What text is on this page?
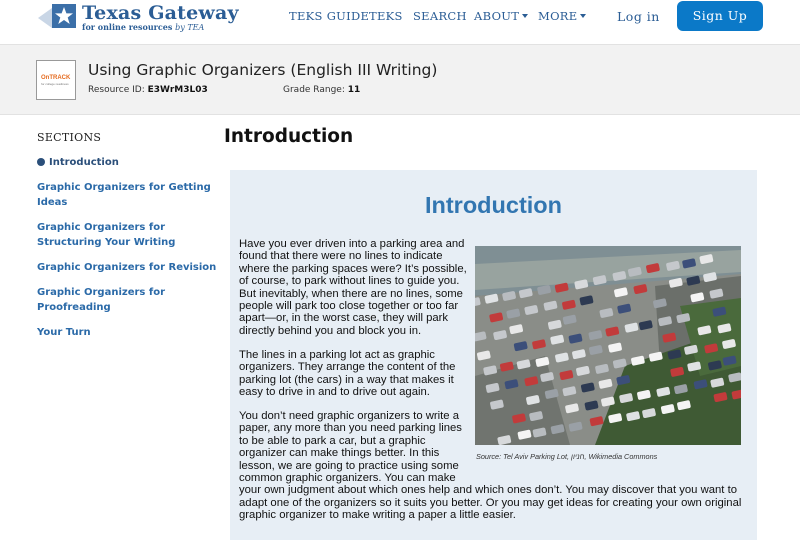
Texas Gateway
for online resources by TEA
TEKS GUIDE TEKS SEARCH ABOUT	MORE	Log in	Sign Up
OnTRACK
for college readiness
Using Graphic Organizers (English III Writing)
Resource ID: E3WrM3L03	Grade Range: 11
SECTIONS
Introduction
Graphic Organizers for Getting Ideas
Graphic Organizers for Structuring Your Writing
Graphic Organizers for Revision
Graphic Organizers for Proofreading
Your Turn
Introduction
Introduction
Have you ever driven into a parking area and
found that there were no lines to indicate
where the parking spaces were? It’s possible,
of course, to park without lines to guide you.
But inevitably, when there are no lines, some
people will park too close together or too far
apart—or, in the worst case, they will park
directly behind you and block you in.
The lines in a parking lot act as graphic
organizers. They arrange the content of the
parking lot (the cars) in a way that makes it
easy to drive in and to drive out again.
You don’t need graphic organizers to write a
paper, any more than you need parking lines
to be able to park a car, but a graphic
organizer can make things better. In this
lesson, we are going to practice using some
common graphic organizers. You can make
your own judgment about which ones help and which ones don’t. You may discover that you want to
adapt one of the organizers so it suits you better. Or you may get ideas for creating your own original
graphic organizer to make writing a paper a little easier.
Source: Tel Aviv Parking Lot, חניון, Wikimedia Commons
